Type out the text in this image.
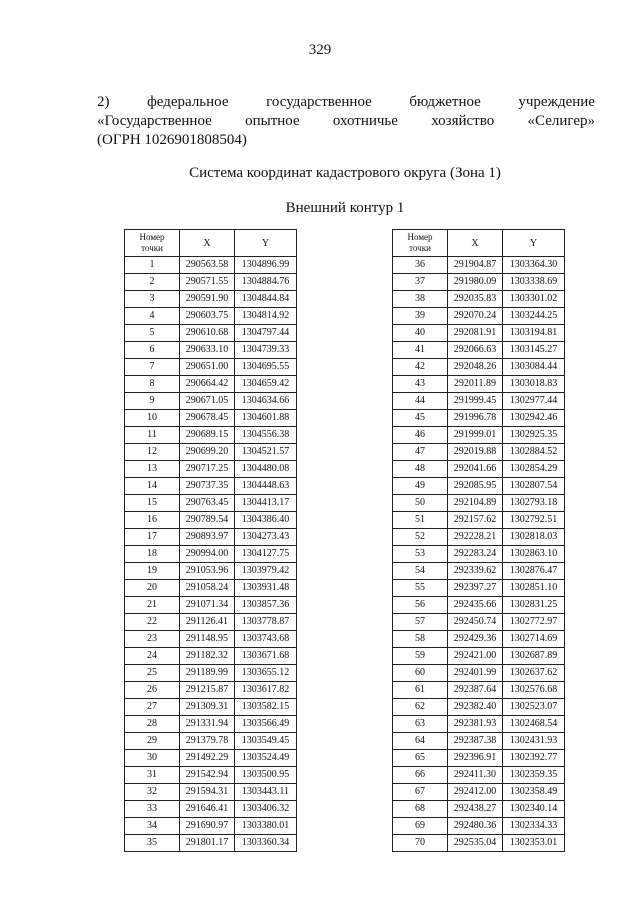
329
2)	федеральное	государственное	бюджетное	учреждение
«Государственное опытное охотничье хозяйство «Селигер»
(ОГРН 1026901808504)
Система координат кадастрового округа (Зона 1)
Внешний контур 1
Номер
точки	X	Y
1	290563.58	1304896.99
2	290571.55	1304884.76
3	290591.90	1304844.84
4	290603.75	1304814.92
5	290610.68	1304797.44
6	290633.10	1304739.33
7	290651.00	1304695.55
8	290664.42	1304659.42
9	290671.05	1304634.66
10	290678.45	1304601.88
11	290689.15	1304556.38
12	290699.20	1304521.57
13	290717.25	1304480.08
14	290737.35	1304448.63
15	290763.45	1304413.17
16	290789.54	1304386.40
17	290893.97	1304273.43
18	290994.00	1304127.75
19	291053.96	1303979.42
20	291058.24	1303931.48
21	291071.34	1303857.36
22	291126.41	1303778.87
23	291148.95	1303743.68
24	291182.32	1303671.68
25	291189.99	1303655.12
26	291215.87	1303617.82
27	291309.31	1303582.15
28	291331.94	1303566.49
29	291379.78	1303549.45
30	291492.29	1303524.49
31	291542.94	1303500.95
32	291594.31	1303443.11
33	291646.41	1303406.32
34	291690.97	1303380.01
35	291801.17	1303360.34
Номер
точки	X	Y
36	291904.87	1303364.30
37	291980.09	1303338.69
38	292035.83	1303301.02
39	292070.24	1303244.25
40	292081.91	1303194.81
41	292066.63	1303145.27
42	292048.26	1303084.44
43	292011.89	1303018.83
44	291999.45	1302977.44
45	291996.78	1302942.46
46	291999.01	1302925.35
47	292019.88	1302884.52
48	292041.66	1302854.29
49	292085.95	1302807.54
50	292104.89	1302793.18
51	292157.62	1302792.51
52	292228.21	1302818.03
53	292283.24	1302863.10
54	292339.62	1302876.47
55	292397.27	1302851.10
56	292435.66	1302831.25
57	292450.74	1302772.97
58	292429.36	1302714.69
59	292421.00	1302687.89
60	292401.99	1302637.62
61	292387.64	1302576.68
62	292382.40	1302523.07
63	292381.93	1302468.54
64	292387.38	1302431.93
65	292396.91	1302392.77
66	292411.30	1302359.35
67	292412.00	1302358.49
68	292438.27	1302340.14
69	292480.36	1302334.33
70	292535.04	1302353.01
